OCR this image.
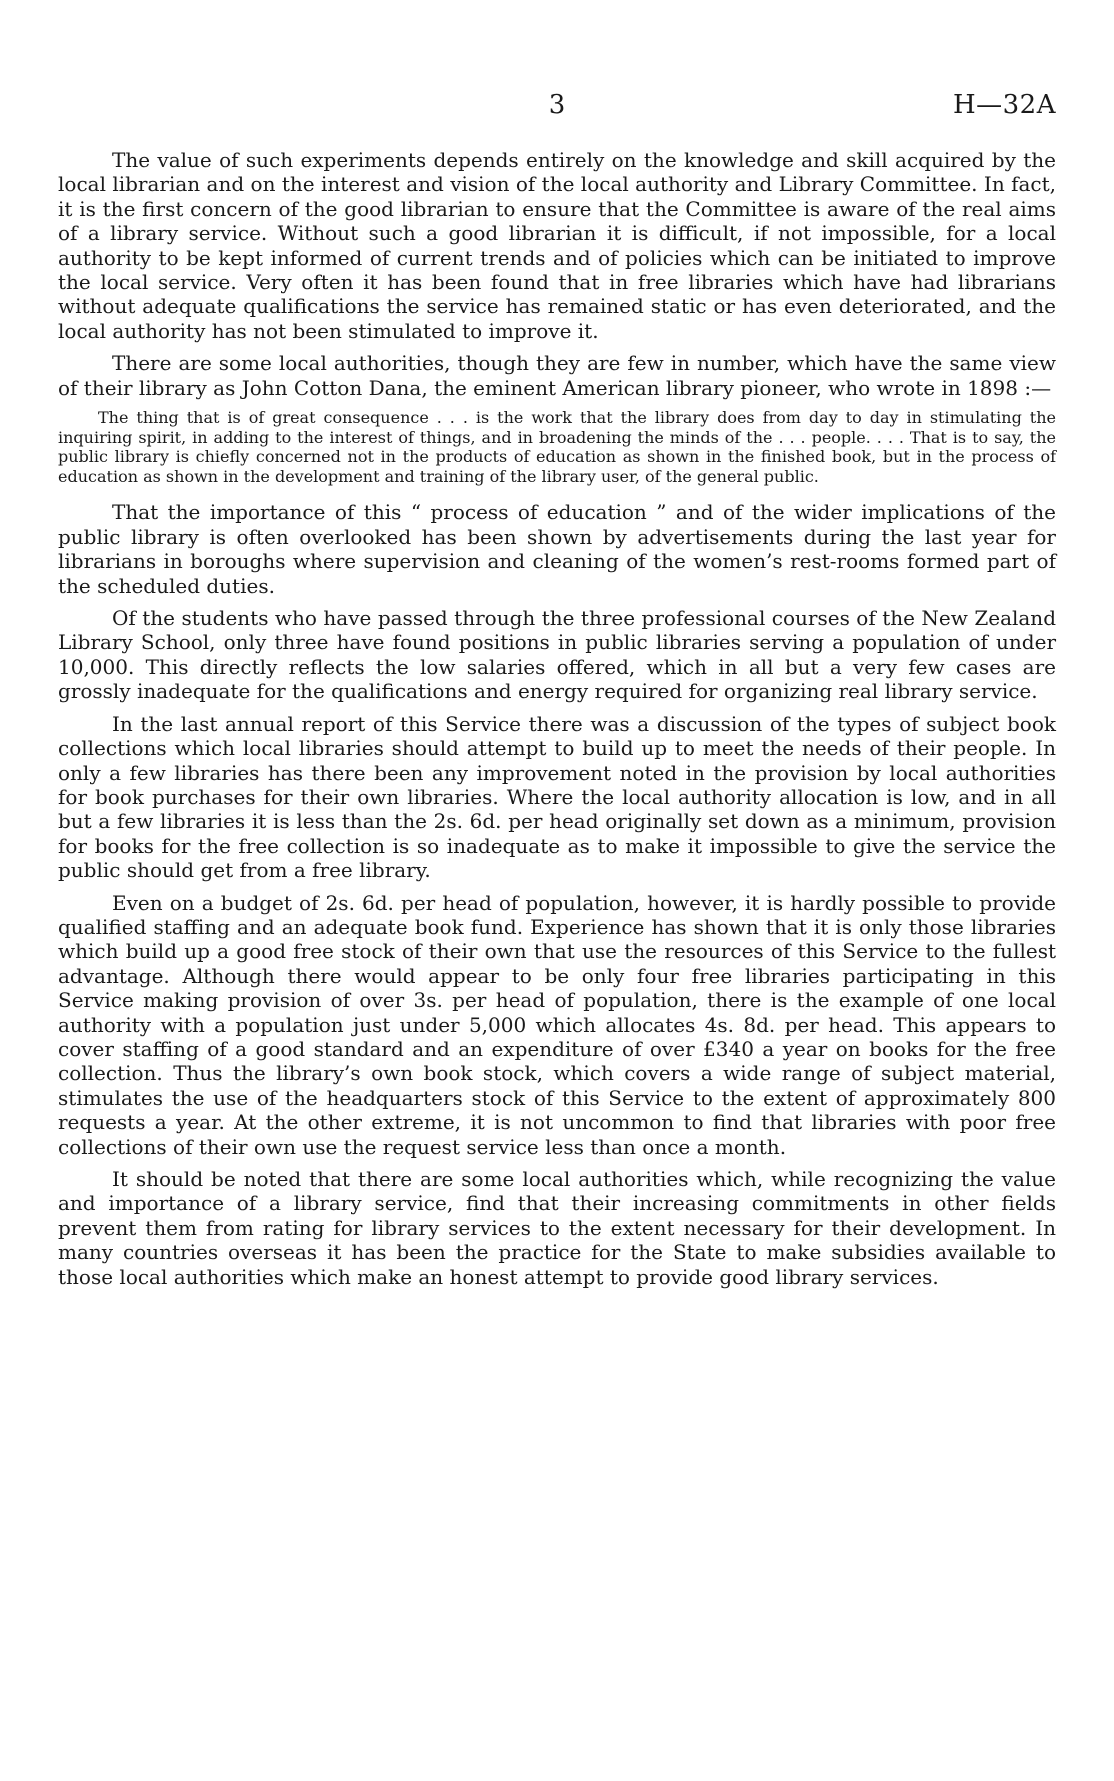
3	H—32A

The value of such experiments depends entirely on the knowledge and skill acquired by the local librarian and on the interest and vision of the local authority and Library Committee. In fact, it is the first concern of the good librarian to ensure that the Committee is aware of the real aims of a library service. Without such a good librarian it is difficult, if not impossible, for a local authority to be kept informed of current trends and of policies which can be initiated to improve the local service. Very often it has been found that in free libraries which have had librarians without adequate qualifications the service has remained static or has even deteriorated, and the local authority has not been stimulated to improve it.

There are some local authorities, though they are few in number, which have the same view of their library as John Cotton Dana, the eminent American library pioneer, who wrote in 1898 :—

The thing that is of great consequence . . . is the work that the library does from day to day in stimulating the inquiring spirit, in adding to the interest of things, and in broadening the minds of the . . . people. . . . That is to say, the public library is chiefly concerned not in the products of education as shown in the finished book, but in the process of education as shown in the development and training of the library user, of the general public.

That the importance of this “ process of education ” and of the wider implications of the public library is often overlooked has been shown by advertisements during the last year for librarians in boroughs where supervision and cleaning of the women’s rest-rooms formed part of the scheduled duties.

Of the students who have passed through the three professional courses of the New Zealand Library School, only three have found positions in public libraries serving a population of under 10,000. This directly reflects the low salaries offered, which in all but a very few cases are grossly inadequate for the qualifications and energy required for organizing real library service.

In the last annual report of this Service there was a discussion of the types of subject book collections which local libraries should attempt to build up to meet the needs of their people. In only a few libraries has there been any improvement noted in the provision by local authorities for book purchases for their own libraries. Where the local authority allocation is low, and in all but a few libraries it is less than the 2s. 6d. per head originally set down as a minimum, provision for books for the free collection is so inadequate as to make it impossible to give the service the public should get from a free library.

Even on a budget of 2s. 6d. per head of population, however, it is hardly possible to provide qualified staffing and an adequate book fund. Experience has shown that it is only those libraries which build up a good free stock of their own that use the resources of this Service to the fullest advantage. Although there would appear to be only four free libraries participating in this Service making provision of over 3s. per head of population, there is the example of one local authority with a population just under 5,000 which allocates 4s. 8d. per head. This appears to cover staffing of a good standard and an expenditure of over £340 a year on books for the free collection. Thus the library’s own book stock, which covers a wide range of subject material, stimulates the use of the headquarters stock of this Service to the extent of approximately 800 requests a year. At the other extreme, it is not uncommon to find that libraries with poor free collections of their own use the request service less than once a month.

It should be noted that there are some local authorities which, while recognizing the value and importance of a library service, find that their increasing commitments in other fields prevent them from rating for library services to the extent necessary for their development. In many countries overseas it has been the practice for the State to make subsidies available to those local authorities which make an honest attempt to provide good library services.
